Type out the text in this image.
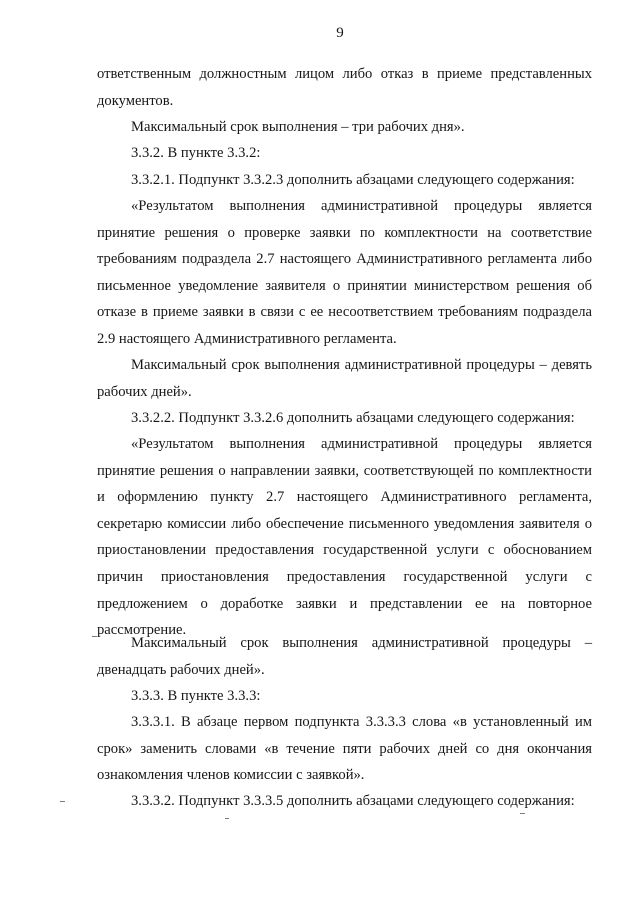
9

ответственным должностным лицом либо отказ в приеме представленных документов.

Максимальный срок выполнения – три рабочих дня».

3.3.2. В пункте 3.3.2:

3.3.2.1. Подпункт 3.3.2.3 дополнить абзацами следующего содержания:

«Результатом выполнения административной процедуры является принятие решения о проверке заявки по комплектности на соответствие требованиям подраздела 2.7 настоящего Административного регламента либо письменное уведомление заявителя о принятии министерством решения об отказе в приеме заявки в связи с ее несоответствием требованиям подраздела 2.9 настоящего Административного регламента.

Максимальный срок выполнения административной процедуры – девять рабочих дней».

3.3.2.2. Подпункт 3.3.2.6 дополнить абзацами следующего содержания:

«Результатом выполнения административной процедуры является принятие решения о направлении заявки, соответствующей по комплектности и оформлению пункту 2.7 настоящего Административного регламента, секретарю комиссии либо обеспечение письменного уведомления заявителя о приостановлении предоставления государственной услуги с обоснованием причин приостановления предоставления государственной услуги с предложением о доработке заявки и представлении ее на повторное рассмотрение.

Максимальный срок выполнения административной процедуры – двенадцать рабочих дней».

3.3.3. В пункте 3.3.3:

3.3.3.1. В абзаце первом подпункта 3.3.3.3 слова «в установленный им срок» заменить словами «в течение пяти рабочих дней со дня окончания ознакомления членов комиссии с заявкой».

3.3.3.2. Подпункт 3.3.3.5 дополнить абзацами следующего содержания:
